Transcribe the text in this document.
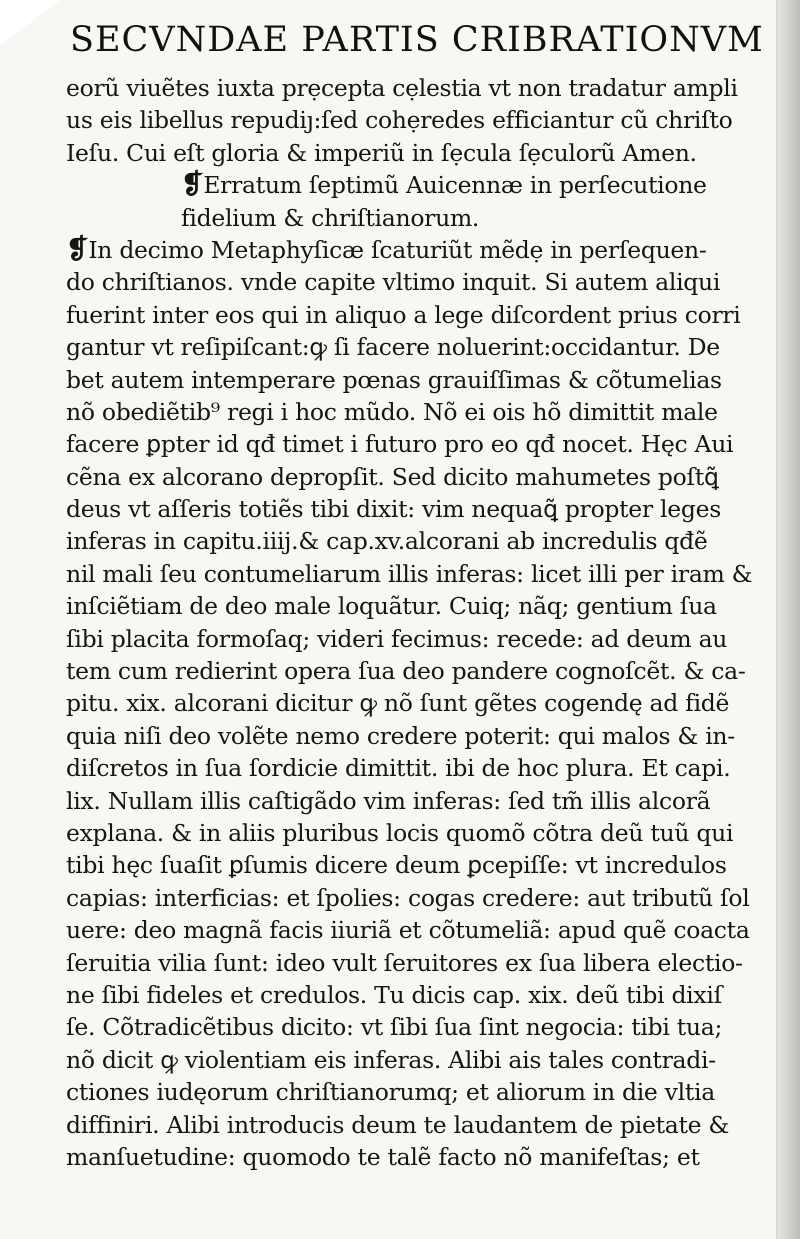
SECVNDAE PARTIS CRIBRATIONVM
eorũ viuẽtes iuxta prẹcepta cẹlestia vt non tradatur ampli
us eis libellus repudiȷ:ſed cohẹredes efficiantur cũ chriſto
Ieſu. Cui eſt gloria & imperiũ in ſẹcula ſẹculorũ Amen.
❡Erratum ſeptimũ Auicennæ in perſecutione
fidelium & chriſtianorum.
❡In decimo Metaphyſicæ ſcaturiũt mẽdẹ in perſequen-
do chriſtianos. vnde capite vltimo inquit. Si autem aliqui
fuerint inter eos qui in aliquo a lege diſcordent prius corri
gantur vt reſipiſcant:ꝙ ſi facere noluerint:occidantur. De
bet autem intemperare pœnas grauiſſimas & cõtumelias
nõ obediẽtib⁹ regi i hoc mũdo. Nõ ei ois hõ dimittit male
facere ꝑpter id qđ timet i futuro pro eo qđ nocet. Hęc Aui
cẽna ex alcorano depropſit. Sed dicito mahumetes poſtꝗ̃
deus vt aſſeris totiẽs tibi dixit: vim nequaꝗ̃ propter leges
inferas in capitu.iiij.& cap.xv.alcorani ab incredulis qđẽ
nil mali ſeu contumeliarum illis inferas: licet illi per iram &
inſciẽtiam de deo male loquãtur. Cuiq; nãq; gentium ſua
ſibi placita formoſaq; videri fecimus: recede: ad deum au
tem cum redierint opera ſua deo pandere cognoſcẽt. & ca-
pitu. xix. alcorani dicitur ꝙ nõ ſunt gẽtes cogendę ad fidẽ
quia niſi deo volẽte nemo credere poterit: qui malos & in-
diſcretos in ſua ſordicie dimittit. ibi de hoc plura. Et capi.
lix. Nullam illis caſtigãdo vim inferas: ſed tm̃ illis alcorã
explana. & in aliis pluribus locis quomõ cõtra deũ tuũ qui
tibi hęc ſuaſit ꝑſumis dicere deum ꝑcepiſſe: vt incredulos
capias: interficias: et ſpolies: cogas credere: aut tributũ ſol
uere: deo magnã facis iiuriã et cõtumeliã: apud quẽ coacta
ſeruitia vilia ſunt: ideo vult ſeruitores ex ſua libera electio-
ne ſibi fideles et credulos. Tu dicis cap. xix. deũ tibi dixiſ
ſe. Cõtradicẽtibus dicito: vt ſibi ſua ſint negocia: tibi tua;
nõ dicit ꝙ violentiam eis inferas. Alibi ais tales contradi-
ctiones iudęorum chriſtianorumq; et aliorum in die vltia
diffiniri. Alibi introducis deum te laudantem de pietate &
manſuetudine: quomodo te talẽ facto nõ manifeſtas; et
